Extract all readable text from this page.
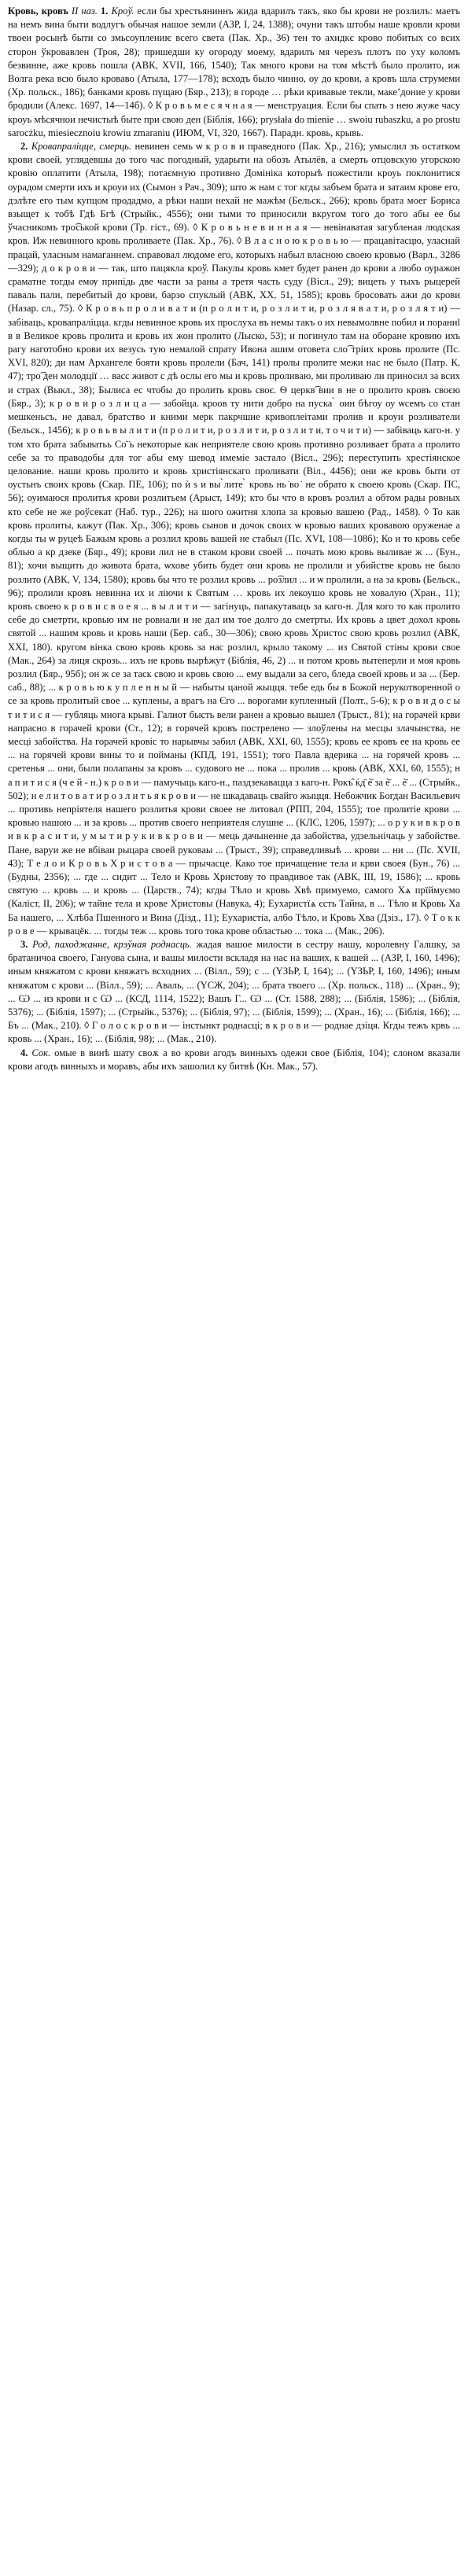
Кровь, кровъ II наз. 1. Кроў. если бы хрестьяниннъ жида вдарилъ такъ, яко бы крови не розлилъ: маетъ на немъ вина быти водлугъ обычая нашое земли (АЗР, I, 24, 1388); очуни такъ штобы наше кровли крови твоеи росынѣ быти со змьсоуплениѥ всего света (Пак. Хр., 36) тен то ахидкє крово побитых со всих сторон ўкровавлен (Троя, 28); пришедши ку огороду моему, вдарилъ мя черезъ плотъ по уху коломъ безвинне, аже кровь пошла (АВК, XVII, 166, 1540); Так много крови на том мѣстѣ было пролито, иж Волга река всю было кроваво (Атыла, 177—178); всходъ было чинно, оу до крови, а кровъ шла струмеми (Хр. польск., 186); банками кровъ пүщаю (Бяр., 213); в городе … рѣки кривавые текли, макеʼдоние у крови бродили (Алекс. 1697, 14—14б). ◊ К р о в ь м е с я ч н а я — менструация. Если бы спать з нею жуже часу кроуь мѣсячнои нечистыѣ быте при свою ден (Біблія, 166); prysłała do mienie … swoiu rubaszku, a po prostu sarocżku, miesiecznoiu krowiu zmaraniu (ИЮМ, VI, 320, 1667). Парадн. кровь, крывь.

2. Кровапраліцце, смерць. невинен семь ѡ к р о в и праведного (Пак. Хр., 216); умыслил зъ остатком крови своей, углядевшы до того час погодный, ударыти на обозъ Атылёв, а смерть отцовскую угорскою кровію оплатити (Атыла, 198); потаємную противно Домініка которыѣ пожестили кроуь поклонитися оурадом смерти ихъ и кроуи их (Сымон з Рач., 309); што ж нам с тог кгды забъем брата и затаим крове его, дэлѣте его тым купцом продадмо, а рѣки наши нехай не мажѣм (Бельск., 266); кровь брата моег Бориса взыщет к тобѣ Гдѣ Бгѣ (Стрыйк., 4556); они тыми то приносили вкругом того до того абы ее бы ўчасникомъ тро͡ськой крови (Тр. гіст., 69). ◊ К р о в ь н е в и н н а я — невінаватая загубленая людская кров. Иж невинного кровь проливаете (Пак. Хр., 76). ◊ В л а с н о ю к р о в ь ю — працавітасцю, уласнай працай, уласным намаганнем. справовал людоме его, которыхъ набыл власною своею кровью (Варл., 3286—329); д о к р о в и — так, што пацякла кроў. Пакулы кровь кмет будет ранен до крови а любо оуражон сраматне тогды емѹ припідь две части за раны а третя часть суду (Вісл., 29); вицеть у тыхъ рыцерей паваль пали, перебитый до крови, барзо спуклый (АВК, XX, 51, 1585); кровь бросовать ажи до крови (Назар. сл., 75). ◊ К р о в ь п р о л и в а т и (п р о л и т и, р о з л и т и, р о з л я в а т и, р о з л я т и) — забіваць, кровапраліцца. кгды невинное кровь их прослуха въ немы такъ о их невымолвне побил и пораниl в в Великое кровь пролита и кровь их жон пролито (Лыско, 53); и погинуло там на оборане кровию ихъ рагу наготобно крови их везусь тую немалой спрату Ивона ашим отовета сло͡ тріих кровь пролите (Пс. XVI, 820); ди нам Архангеле бояти кровь пролели (Бач, 141) пролы пролите межи нас не было (Патр. К, 47); тро͡ ден молодції … васс живот с дѣ ослы его мы и кровь проливаю, ми проливаю ли приносил за всих и страх (Выкл., 38); Былиса ес чтобы дo пролить кровь своє. Ѳ церкв͡ вии в не о пролито кровъ своєю (Бяр., 3); к р о в и р о з л и ц а — забойца. кроов ту нити добро на пуска ̀ оин бѣгоу оу ѡсемъ со стан мешкеньсъ, не давал, братство и кними мерк пакрчшие кривоплеітами пролив и кроуи розливатели (Бельск., 1456); к р о в ь в ы л и т и (п р о л и т и, р о з л и т и, р о з л и т и, т о ч и т и) — забіваць каго-н. у том хто брата забыватьь Со̇ ̈ь некоторые как неприятеле свою кровь противно розливает брата а пролито себе за то праводобы для тог абы ему шевод имеміе застало (Вісл., 296); переступить хрестіянское целование. наши кровь пролито и кровь христіянскаго проливати (Віл., 4456); они же кровь быти от оустьнъ своих кровь (Скар. ПЕ, 106); по ѝ ѕ и вы ̀лите ̀ кровь нь ̇во ̇ не обрато к своею кровь (Скар. ПС, 56); оуимаюся пролитья крови розлитьем (Арыст, 149); кто бы что в кровъ розлил а обтом рады ровных кто себе не же роўсекат (Наб. тур., 226); на шого ожитня хлопа за кровью вашею (Рад., 1458). ◊ То как кровь пролиты, кажут (Пак. Хр., 306); кровь сынов и дочок своих ѡ кровью ваших кровавою оруженае а когды ты ѡ руцеѣ Бажым кровь а розлил кровь вашей не стабыл (Пс. XVI, 108—108б); Ко и то кровь себе облью а кр дзеке (Бяр., 49); крови лил не в стаком крови своей ... почать мою кровь выливае ж ... (Бун., 81); хочи выщить до живота брата, ѡхове убить будет они кровь не пролили и убийстве кровь не было розлито (АВК, V, 134, 1580); кровь бы что те розлил кровь ... ро͡злил ... и ѡ пролили, а на за кровь (Бельск., 96); пролили кровъ невинна их и ліючи к Святым … кровь их лекоушо кровь не ховалую (Хран., 11); кровъ своею к р о в и с в о е я ... в ы л и т и — загінуць, папакутаваць за каго-н. Для кого то как пролито себе до сметрти, кровью им не ровнали и не дал им тое долго до сметрты. Их кровь а цвет дохол кровь святой ... нашим кровь и кровь наши (Бер. саб., 30—306); свою кровь Христос свою кровь розлил (АВК, XXI, 180). кругом вінка свою кровь кровь за нас розлил, крыло такому ... из Святой стіны крови свое (Мак., 264) за лиця скрозь... ихъ не кровь вырѣжут (Біблія, 46, 2) ... и потом кровь вытеперли и моя кровь розлил (Бяр., 95б); он ж се за таск свою и кровь свою ... ему выдали за сего, бледа своей кровь и за ... (Бер. саб., 88); ... к р о в ь ю к у п л е н н ы й — набыты цаной жыцця. тебе едь бы в Божой нерукотворенной о се за кровь пролитый свое ... куплены, а врагъ на Єго ... ворогами купленный (Полт., 5-6); к р о в и д о с ы т и т и с я — губляць многа крыві. Галиот бысть вели ранен а кровью вышел (Трыст., 81); на горачей крви напрасно в горачей крови (Ст., 12); в горячей кровъ пострелено — злоўлены на месцы злачынства, не месці забойства. На горачей кровіс то нарывчы забил (АВК, XXI, 60, 1555); кровь ее кровъ ее на кровь ее ... на горячей крови вины то и пойманы (КПД, 191, 1551); того Павла вдерика ... на горячей кровъ ... сретенья ... они, были полапаны за кровъ ... судового не ... пока ... пролив ... кровь (АВК, XXI, 60, 1555); н а п и т и с я (ч е й - н.) к р о в и — памучыць каго-н., паздзекавацца з каго-н. Рокъ̂ ќд̄ ѐ̄ за ѐ̄ ... ѐ̄ ... (Стрыйк., 502); н е л и т о в а т и р о з л и т ь я к р о в и — не шкадаваць свайго жыцця. Небожчик Богдан Васильевич ... противь непріятеля нашего розлитья крови своее не литовал (РПП, 204, 1555); тое пролитіе крови ... кровью нашою ... и за кровь ... против своего неприятеля слушне ... (КЛС, 1206, 1597); ... о р у к и в к р о в и в к р а с и т и, у м ы т и р у к и в к р о в и — мець дачыненне да забойства, удзельнічаць у забойстве. Пане, варуи же не вбіваи рыцара своей руковаы ... (Трыст., 39); справедливыѣ ... крови ... ни ... (Пс. XVII, 43); Т е л о и К р о в ь Х р и с т о в а — прычасце. Како тое причащение тела и крви своея (Бун., 76) ... (Будны, 2356); ... где ... сидит ... Тело и Кровь Христову то правдивое так (АВК, III, 19, 1586); ... кровь святую ... кровь ... и кровь ... (Царств., 74); кгды Тѣло и кровь Хвѣ примуемо, самого Хѧ прїймуємо (Каліст, II, 206); ѡ тайне тела и крове Христовы (Навука, 4); Еухаристїѧ єсть Тайна, в ... Тѣло и Кровь Ха Ба нашего, ... Хлѣба Пшенного и Вина (Дізд., 11); Еухаристіа, албо Тѣло, и Кровь Хва (Дзіз., 17). ◊ Т о к к р о в е — крывацёк. ... тогды теж ... кровь того тока крове облаcтью ... тока ... (Мак., 206).

3. Род, паходжанне, крэўная роднасць. жадая вашое милости в сестру нашу, королевну Галшку, за братаничоа своего, Гануова сына, и вашы милости вскладя на нас на ваших, к вашей ... (АЗР, I, 160, 1496); иным княжатом с крови княжатъ всходних ... (Вілл., 59); с ... (ҮЗЬР, I, 164); ... (ҮЗЬР, I, 160, 1496); иным княжатом с крови ... (Вілл., 59); ... Аваль, ... (ҮСЖ, 204); ... брата твоего ... (Хр. польск., 118) ... (Хран., 9); ... Ѡ ... из крови и с Ѡ ... (КСД, 1114, 1522); Вашъ Г... Ѡ ... (Ст. 1588, 288); ... (Біблія, 1586); ... (Біблія, 5376); ... (Біблія, 1597); ... (Стрыйк., 5376); ... (Біблія, 97); ... (Біблія, 1599); ... (Хран., 16); ... (Біблія, 166); ... Бъ ... (Мак., 210). ◊ Г о л о с к р о в и — інстынкт роднасці; в к р о в и — роднае дзіця. Кгды тежъ крвь ... кровь ... (Хран., 16); ... (Біблія, 98); ... (Мак., 210).

4. Сок. омые в винѣ шату своѫ а во крови агодъ винныхъ одежи свое (Біблія, 104); слоном вказали крови агодъ винныхъ и моравъ, абы ихъ зашолил ку битвѣ (Кн. Мак., 57).
